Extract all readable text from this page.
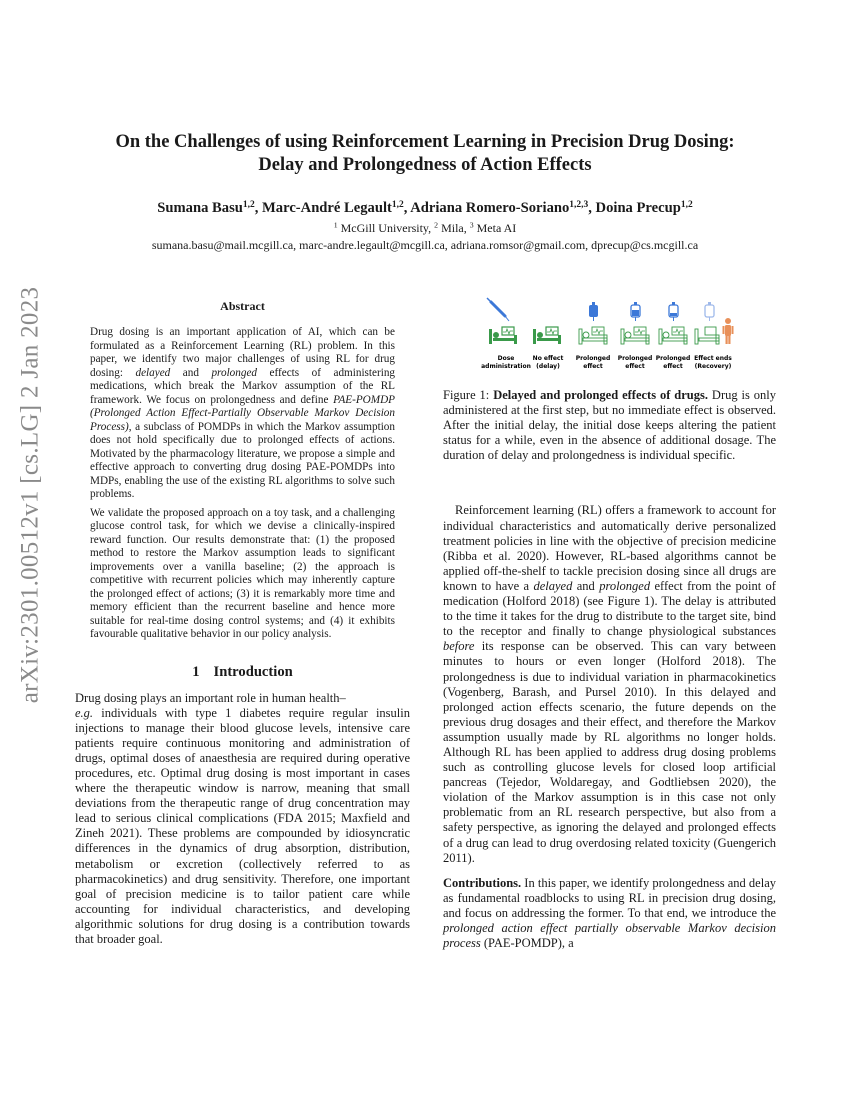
arXiv:2301.00512v1 [cs.LG] 2 Jan 2023
On the Challenges of using Reinforcement Learning in Precision Drug Dosing:
Delay and Prolongedness of Action Effects
Sumana Basu$^{1,2}$, Marc-André Legault$^{1,2}$, Adriana Romero-Soriano$^{1,2,3}$, Doina Precup$^{1,2}$
$^1$ McGill University, $^2$ Mila, $^3$ Meta AI
sumana.basu@mail.mcgill.ca, marc-andre.legault@mcgill.ca, adriana.romsor@gmail.com, dprecup@cs.mcgill.ca
Abstract

Drug dosing is an important application of AI, which can be formulated as a Reinforcement Learning (RL) problem. In this paper, we identify two major challenges of using RL for drug dosing: delayed and prolonged effects of administering medications, which break the Markov assumption of the RL framework. We focus on prolongedness and define PAE-POMDP (Prolonged Action Effect-Partially Observable Markov Decision Process), a subclass of POMDPs in which the Markov assumption does not hold specifically due to prolonged effects of actions. Motivated by the pharmacology literature, we propose a simple and effective approach to converting drug dosing PAE-POMDPs into MDPs, enabling the use of the existing RL algorithms to solve such problems.

We validate the proposed approach on a toy task, and a challenging glucose control task, for which we devise a clinically-inspired reward function. Our results demonstrate that: (1) the proposed method to restore the Markov assumption leads to significant improvements over a vanilla baseline; (2) the approach is competitive with recurrent policies which may inherently capture the prolonged effect of actions; (3) it is remarkably more time and memory efficient than the recurrent baseline and hence more suitable for real-time dosing control systems; and (4) it exhibits favourable qualitative behavior in our policy analysis.

1 Introduction

Drug dosing plays an important role in human health–
e.g. individuals with type 1 diabetes require regular insulin injections to manage their blood glucose levels, intensive care patients require continuous monitoring and administration of drugs, optimal doses of anaesthesia are required during operative procedures, etc. Optimal drug dosing is most important in cases where the therapeutic window is narrow, meaning that small deviations from the therapeutic range of drug concentration may lead to serious clinical complications (FDA 2015; Maxfield and Zineh 2021). These problems are compounded by idiosyncratic differences in the dynamics of drug absorption, distribution, metabolism or excretion (collectively referred to as pharmacokinetics) and drug sensitivity. Therefore, one important goal of precision medicine is to tailor patient care while accounting for individual characteristics, and developing algorithmic solutions for drug dosing is a contribution towards that broader goal.

Dose
administration
No effect
(delay)
Prolonged
effect
Prolonged
effect
Prolonged
effect
Effect ends
(Recovery)

Figure 1: Delayed and prolonged effects of drugs. Drug is only administered at the first step, but no immediate effect is observed. After the initial delay, the initial dose keeps altering the patient status for a while, even in the absence of additional dosage. The duration of delay and prolongedness is individual specific.

Reinforcement learning (RL) offers a framework to account for individual characteristics and automatically derive personalized treatment policies in line with the objective of precision medicine (Ribba et al. 2020). However, RL-based algorithms cannot be applied off-the-shelf to tackle precision dosing since all drugs are known to have a delayed and prolonged effect from the point of medication (Holford 2018) (see Figure 1). The delay is attributed to the time it takes for the drug to distribute to the target site, bind to the receptor and finally to change physiological substances before its response can be observed. This can vary between minutes to hours or even longer (Holford 2018). The prolongedness is due to individual variation in pharmacokinetics (Vogenberg, Barash, and Pursel 2010). In this delayed and prolonged action effects scenario, the future depends on the previous drug dosages and their effect, and therefore the Markov assumption usually made by RL algorithms no longer holds. Although RL has been applied to address drug dosing problems such as controlling glucose levels for closed loop artificial pancreas (Tejedor, Woldaregay, and Godtliebsen 2020), the violation of the Markov assumption is in this case not only problematic from an RL research perspective, but also from a safety perspective, as ignoring the delayed and prolonged effects of a drug can lead to drug overdosing related toxicity (Guengerich 2011).

Contributions. In this paper, we identify prolongedness and delay as fundamental roadblocks to using RL in precision drug dosing, and focus on addressing the former. To that end, we introduce the prolonged action effect partially observable Markov decision process (PAE-POMDP), a
